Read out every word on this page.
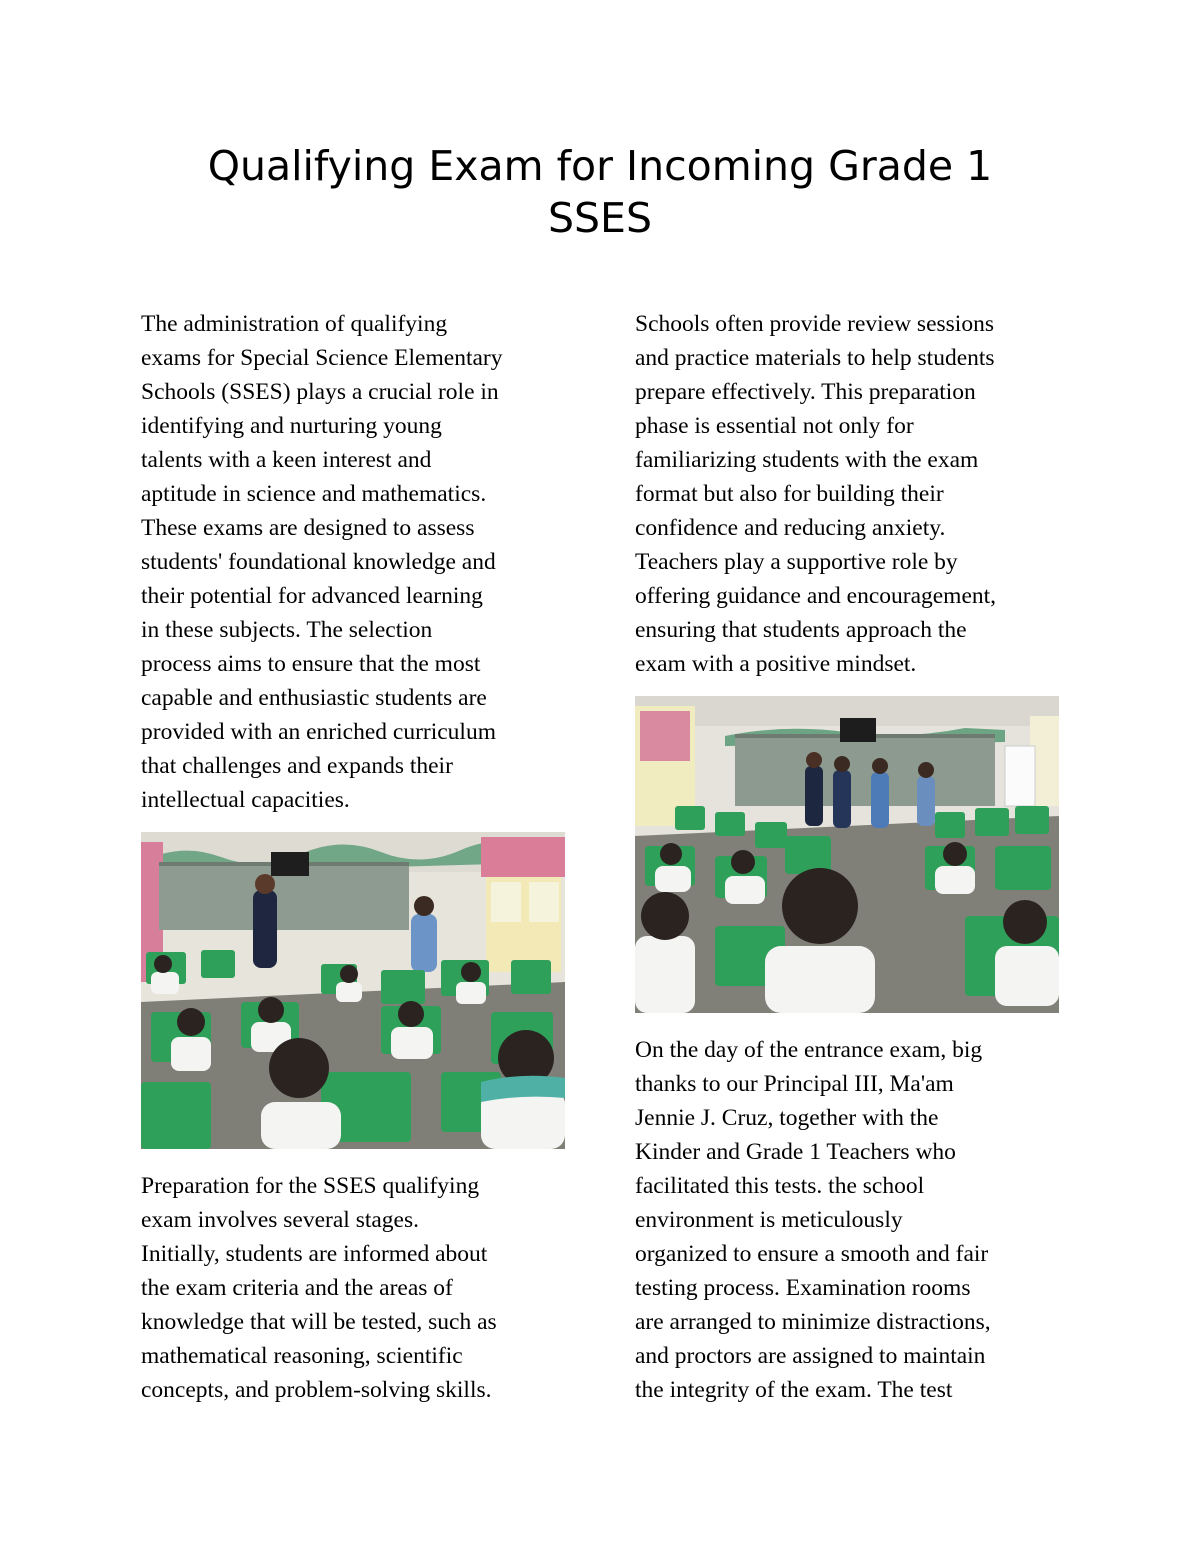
Qualifying Exam for Incoming Grade 1
SSES

The administration of qualifying
exams for Special Science Elementary
Schools (SSES) plays a crucial role in
identifying and nurturing young
talents with a keen interest and
aptitude in science and mathematics.
These exams are designed to assess
students' foundational knowledge and
their potential for advanced learning
in these subjects. The selection
process aims to ensure that the most
capable and enthusiastic students are
provided with an enriched curriculum
that challenges and expands their
intellectual capacities.

Preparation for the SSES qualifying
exam involves several stages.
Initially, students are informed about
the exam criteria and the areas of
knowledge that will be tested, such as
mathematical reasoning, scientific
concepts, and problem-solving skills.

Schools often provide review sessions
and practice materials to help students
prepare effectively. This preparation
phase is essential not only for
familiarizing students with the exam
format but also for building their
confidence and reducing anxiety.
Teachers play a supportive role by
offering guidance and encouragement,
ensuring that students approach the
exam with a positive mindset.

On the day of the entrance exam, big
thanks to our Principal III, Ma'am
Jennie J. Cruz, together with the
Kinder and Grade 1 Teachers who
facilitated this tests. the school
environment is meticulously
organized to ensure a smooth and fair
testing process. Examination rooms
are arranged to minimize distractions,
and proctors are assigned to maintain
the integrity of the exam. The test
